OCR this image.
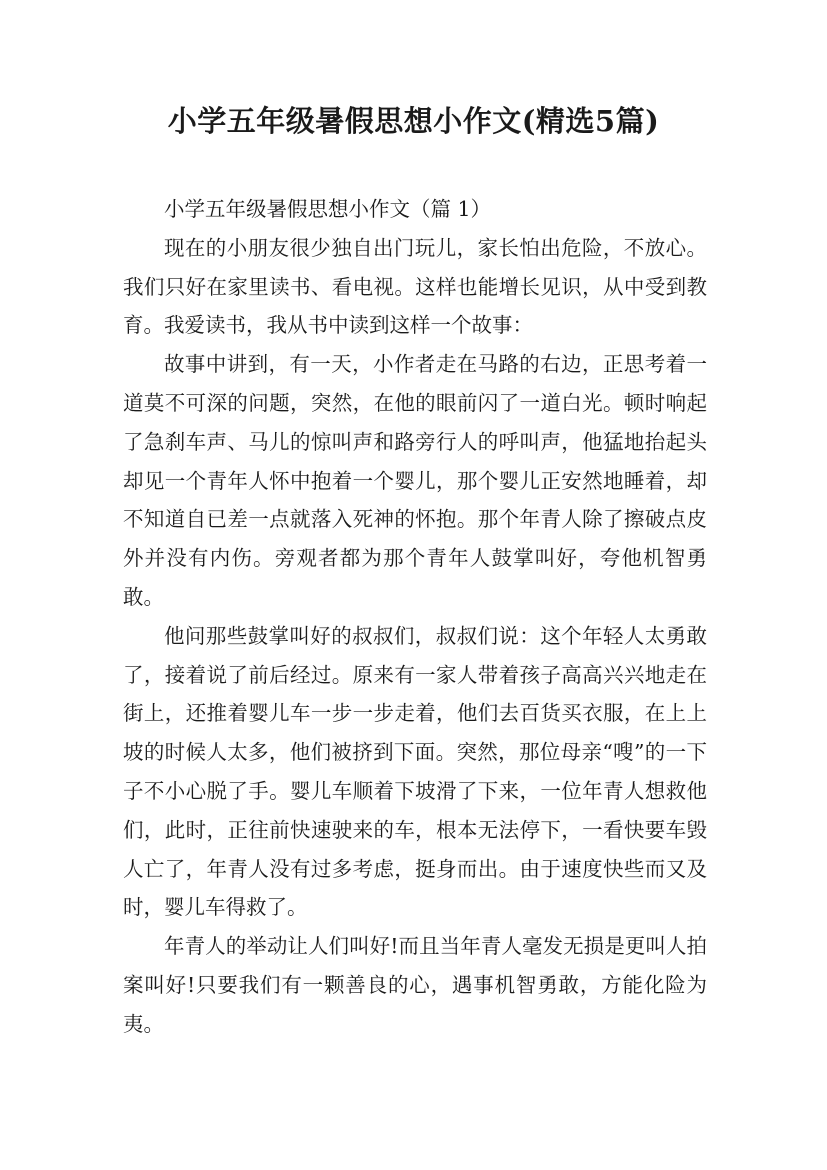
小学五年级暑假思想小作文(精选5篇)

小学五年级暑假思想小作文（篇 1）

现在的小朋友很少独自出门玩儿，家长怕出危险，不放心。我们只好在家里读书、看电视。这样也能增长见识，从中受到教育。我爱读书，我从书中读到这样一个故事：

故事中讲到，有一天，小作者走在马路的右边，正思考着一道莫不可深的问题，突然，在他的眼前闪了一道白光。顿时响起了急刹车声、马儿的惊叫声和路旁行人的呼叫声，他猛地抬起头却见一个青年人怀中抱着一个婴儿，那个婴儿正安然地睡着，却不知道自已差一点就落入死神的怀抱。那个年青人除了擦破点皮外并没有内伤。旁观者都为那个青年人鼓掌叫好，夸他机智勇敢。

他问那些鼓掌叫好的叔叔们，叔叔们说：这个年轻人太勇敢了，接着说了前后经过。原来有一家人带着孩子高高兴兴地走在街上，还推着婴儿车一步一步走着，他们去百货买衣服，在上上坡的时候人太多，他们被挤到下面。突然，那位母亲“嗖”的一下子不小心脱了手。婴儿车顺着下坡滑了下来，一位年青人想救他们，此时，正往前快速驶来的车，根本无法停下，一看快要车毁人亡了，年青人没有过多考虑，挺身而出。由于速度快些而又及时，婴儿车得救了。

年青人的举动让人们叫好!而且当年青人毫发无损是更叫人拍案叫好!只要我们有一颗善良的心，遇事机智勇敢，方能化险为夷。
